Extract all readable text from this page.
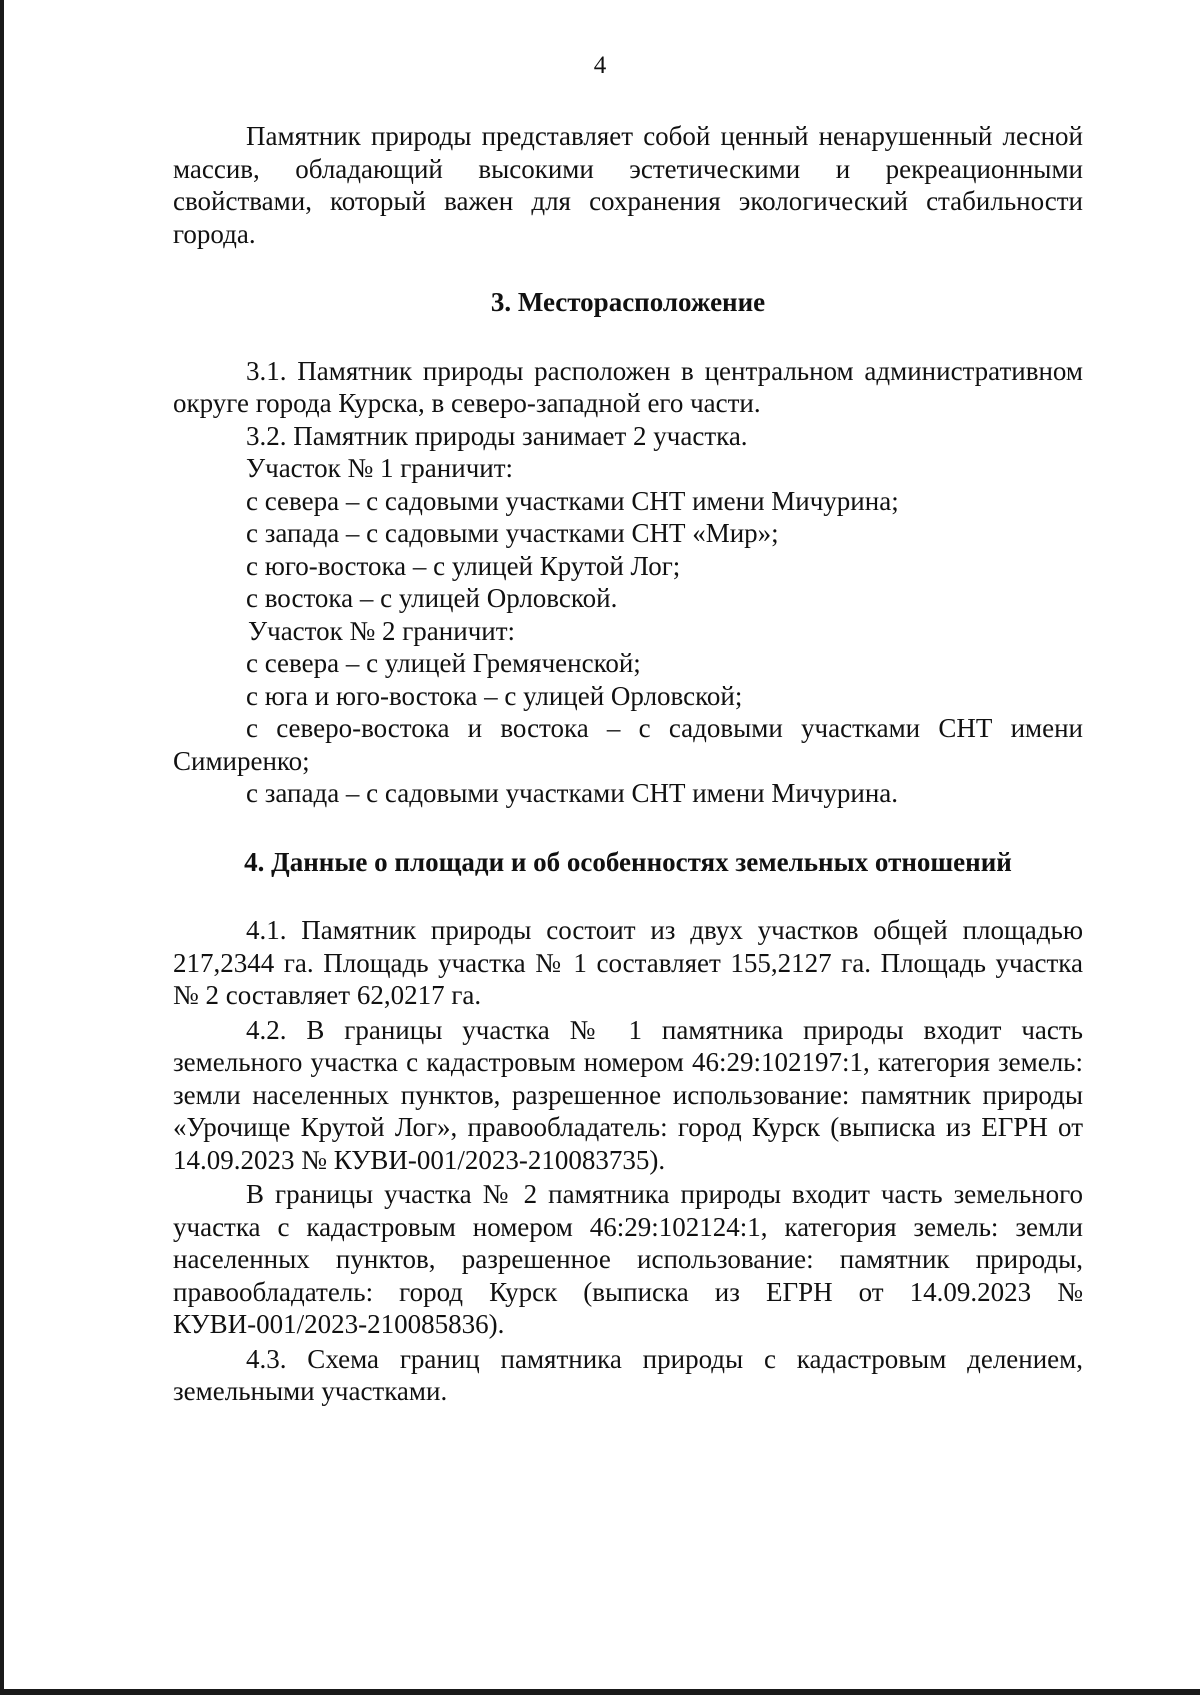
4

Памятник природы представляет собой ценный ненарушенный лесной массив, обладающий высокими эстетическими и рекреационными свойствами, который важен для сохранения экологический стабильности города.

3. Месторасположение

3.1. Памятник природы расположен в центральном административном округе города Курска, в северо-западной его части.

3.2. Памятник природы занимает 2 участка.

Участок № 1 граничит:

с севера – с садовыми участками СНТ имени Мичурина;

с запада – с садовыми участками СНТ «Мир»;

с юго-востока – с улицей Крутой Лог;

с востока – с улицей Орловской.

Участок № 2 граничит:

с севера – с улицей Гремяченской;

с юга и юго-востока – с улицей Орловской;

с северо-востока и востока – с садовыми участками СНТ имени Симиренко;

с запада – с садовыми участками СНТ имени Мичурина.

4. Данные о площади и об особенностях земельных отношений

4.1. Памятник природы состоит из двух участков общей площадью 217,2344 га. Площадь участка № 1 составляет 155,2127 га. Площадь участка № 2 составляет 62,0217 га.

4.2. В границы участка № 1 памятника природы входит часть земельного участка с кадастровым номером 46:29:102197:1, категория земель: земли населенных пунктов, разрешенное использование: памятник природы «Урочище Крутой Лог», правообладатель: город Курск (выписка из ЕГРН от 14.09.2023 № КУВИ-001/2023-210083735).

В границы участка № 2 памятника природы входит часть земельного участка с кадастровым номером 46:29:102124:1, категория земель: земли населенных пунктов, разрешенное использование: памятник природы, правообладатель: город Курск (выписка из ЕГРН от 14.09.2023 № КУВИ-001/2023-210085836).

4.3. Схема границ памятника природы с кадастровым делением, земельными участками.
